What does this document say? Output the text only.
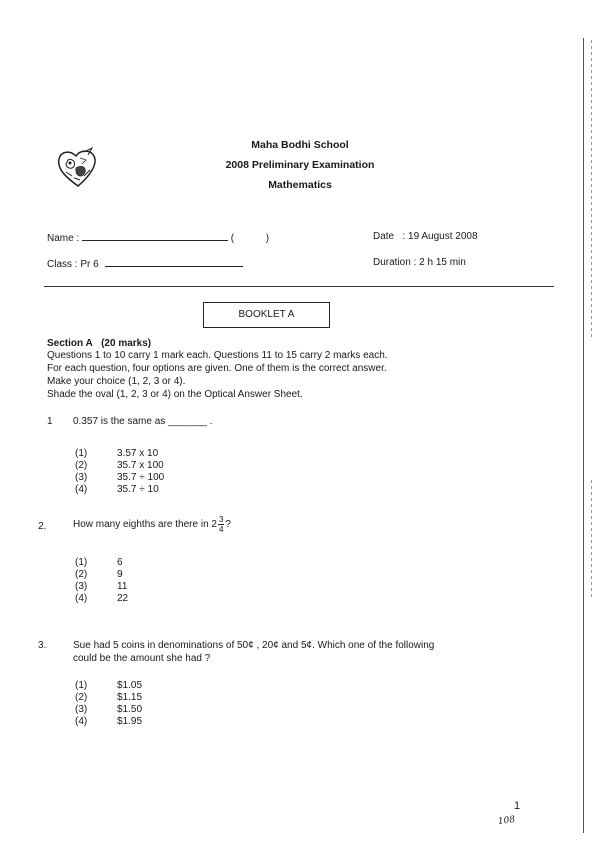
Maha Bodhi School
2008 Preliminary Examination
Mathematics
Name :	(	)	Date : 19 August 2008
Class : Pr 6	Duration : 2 h 15 min
BOOKLET A
Section A (20 marks)
Questions 1 to 10 carry 1 mark each. Questions 11 to 15 carry 2 marks each.
For each question, four options are given. One of them is the correct answer.
Make your choice (1, 2, 3 or 4).
Shade the oval (1, 2, 3 or 4) on the Optical Answer Sheet.
1 0.357 is the same as _______ .
(1)	3.57 x 10
(2)	35.7 x 100
(3)	35.7 ÷ 100
(4)	35.7 ÷ 10
2.	How many eighths are there in $2 \frac{3}{4}$ ?
(1)	6
(2)	9
(3)	11
(4)	22
3.	Sue had 5 coins in denominations of 50¢ , 20¢ and 5¢. Which one of the following
could be the amount she had ?
(1)	$1.05
(2)	$1.15
(3)	$1.50
(4)	$1.95
1
108
